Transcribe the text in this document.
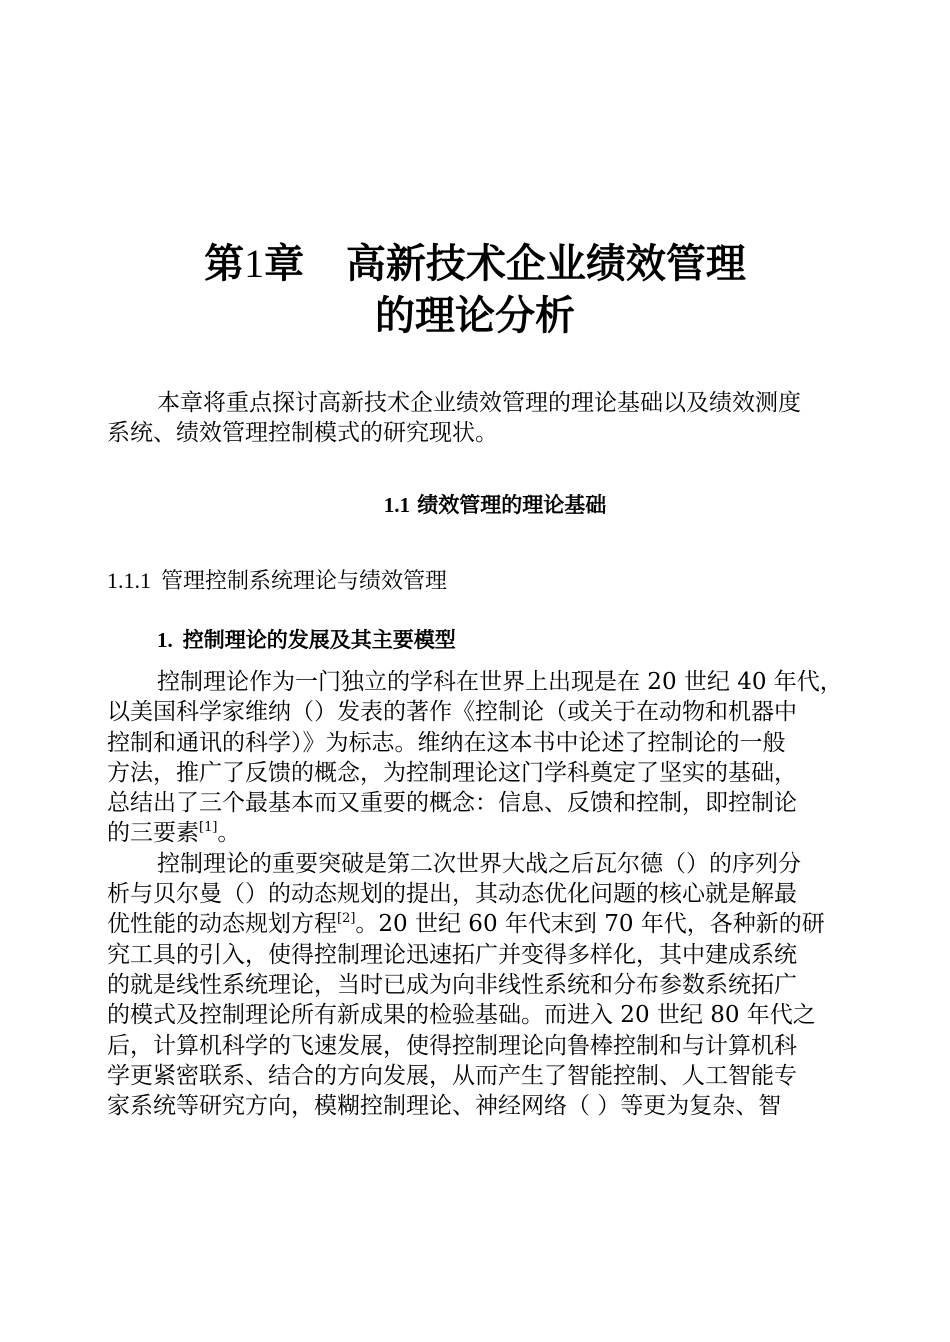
第1章   高新技术企业绩效管理
的理论分析
本章将重点探讨高新技术企业绩效管理的理论基础以及绩效测度
系统、绩效管理控制模式的研究现状。
1.1 绩效管理的理论基础
1.1.1 管理控制系统理论与绩效管理
1. 控制理论的发展及其主要模型

控制理论作为一门独立的学科在世界上出现是在 20 世纪 40 年代，
以美国科学家维纳（）发表的著作《控制论（或关于在动物和机器中
控制和通讯的科学）》为标志。维纳在这本书中论述了控制论的一般
方法，推广了反馈的概念，为控制理论这门学科奠定了坚实的基础，
总结出了三个最基本而又重要的概念：信息、反馈和控制，即控制论
的三要素[1]。

控制理论的重要突破是第二次世界大战之后瓦尔德（）的序列分
析与贝尔曼（）的动态规划的提出，其动态优化问题的核心就是解最
优性能的动态规划方程[2]。20 世纪 60 年代末到 70 年代，各种新的研
究工具的引入，使得控制理论迅速拓广并变得多样化，其中建成系统
的就是线性系统理论，当时已成为向非线性系统和分布参数系统拓广
的模式及控制理论所有新成果的检验基础。而进入 20 世纪 80 年代之
后，计算机科学的飞速发展，使得控制理论向鲁棒控制和与计算机科
学更紧密联系、结合的方向发展，从而产生了智能控制、人工智能专
家系统等研究方向，模糊控制理论、神经网络（ ）等更为复杂、智
